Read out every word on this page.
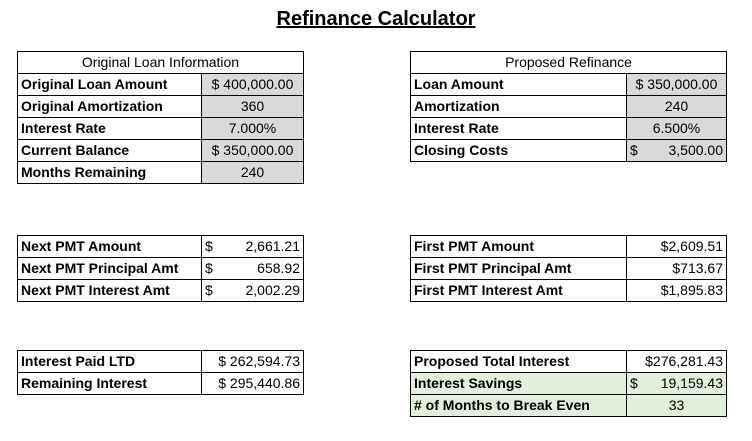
Refinance Calculator
Original Loan Information	
Original Loan Amount	$ 400,000.00
Original Amortization	360
Interest Rate	7.000%
Current Balance	$ 350,000.00
Months Remaining	240
Proposed Refinance	
Loan Amount	$ 350,000.00
Amortization	240
Interest Rate	6.500%
Closing Costs	$ 3,500.00
Next PMT Amount	$ 2,661.21

Next PMT Principal Amt	$ 658.92

Next PMT Interest Amt	$ 2,002.29
First PMT Amount	$2,609.51
First PMT Principal Amt	$713.67
First PMT Interest Amt	$1,895.83
Interest Paid LTD	$ 262,594.73
Remaining Interest	$ 295,440.86
Proposed Total Interest	$276,281.43
Interest Savings	$ 19,159.43

# of Months to Break Even	33
